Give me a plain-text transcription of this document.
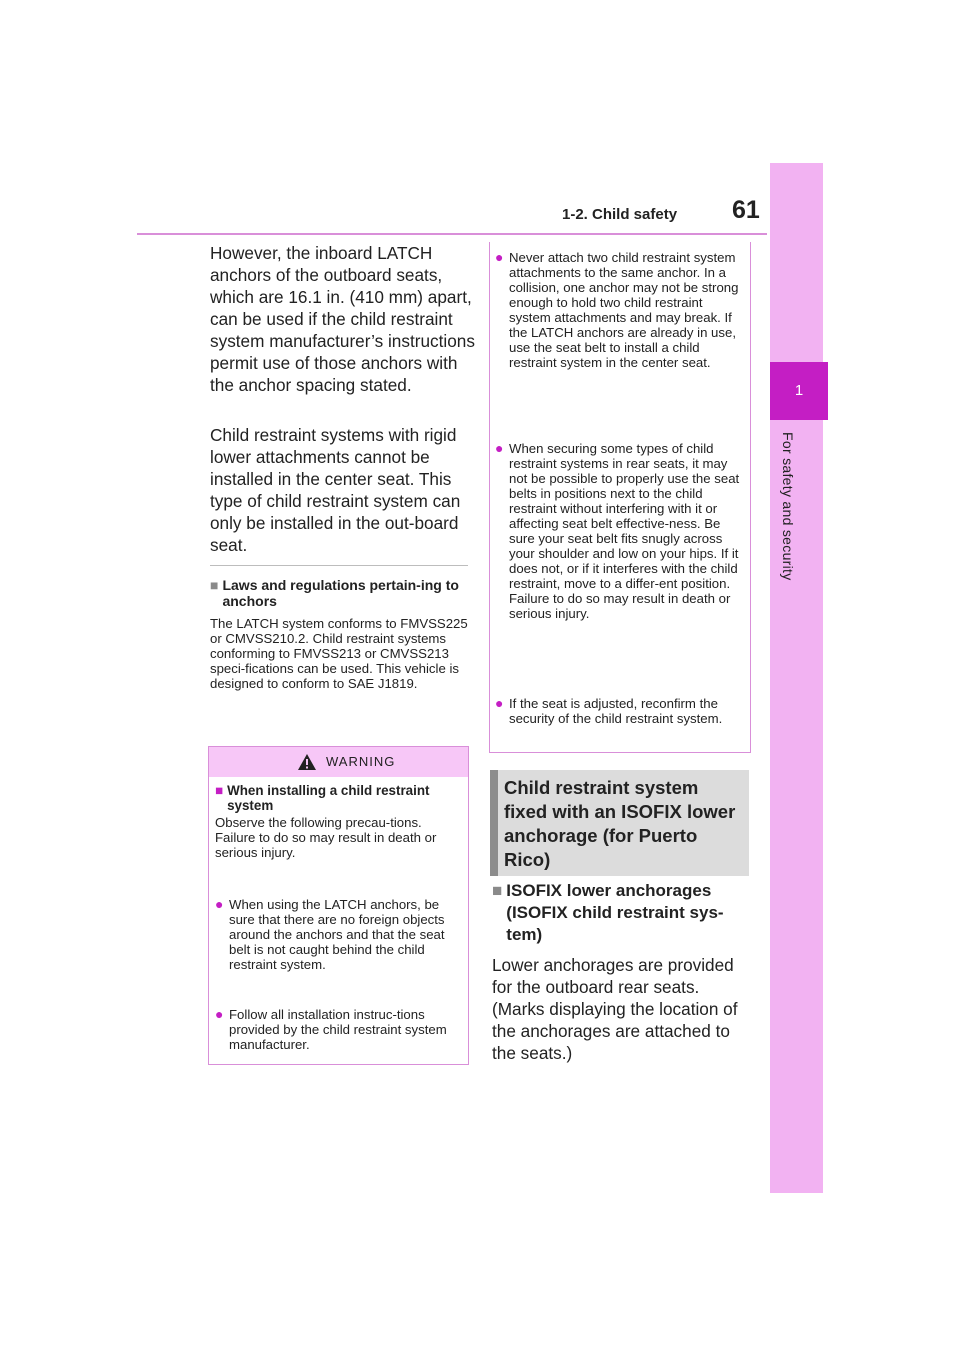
1-2. Child safety 61
1
For safety and security

However, the inboard LATCH anchors of the outboard seats, which are 16.1 in. (410 mm) apart, can be used if the child restraint system manufacturer’s instructions permit use of those anchors with the anchor spacing stated.

Child restraint systems with rigid lower attachments cannot be installed in the center seat. This type of child restraint system can only be installed in the out-board seat.

■ Laws and regulations pertain-ing to anchors

The LATCH system conforms to FMVSS225 or CMVSS210.2. Child restraint systems conforming to FMVSS213 or CMVSS213 speci-fications can be used. This vehicle is designed to conform to SAE J1819.

WARNING
■ When installing a child restraint system

Observe the following precau-tions. Failure to do so may result in death or serious injury.

● When using the LATCH anchors, be sure that there are no foreign objects around the anchors and that the seat belt is not caught behind the child restraint system.
● Follow all installation instruc-tions provided by the child restraint system manufacturer.
● Never attach two child restraint system attachments to the same anchor. In a collision, one anchor may not be strong enough to hold two child restraint system attachments and may break. If the LATCH anchors are already in use, use the seat belt to install a child restraint system in the center seat.
● When securing some types of child restraint systems in rear seats, it may not be possible to properly use the seat belts in positions next to the child restraint without interfering with it or affecting seat belt effective-ness. Be sure your seat belt fits snugly across your shoulder and low on your hips. If it does not, or if it interferes with the child restraint, move to a differ-ent position. Failure to do so may result in death or serious injury.
● If the seat is adjusted, reconfirm the security of the child restraint system.
Child restraint system fixed with an ISOFIX lower anchorage (for Puerto Rico)
■ ISOFIX lower anchorages (ISOFIX child restraint sys-tem)

Lower anchorages are provided for the outboard rear seats. (Marks displaying the location of the anchorages are attached to the seats.)
